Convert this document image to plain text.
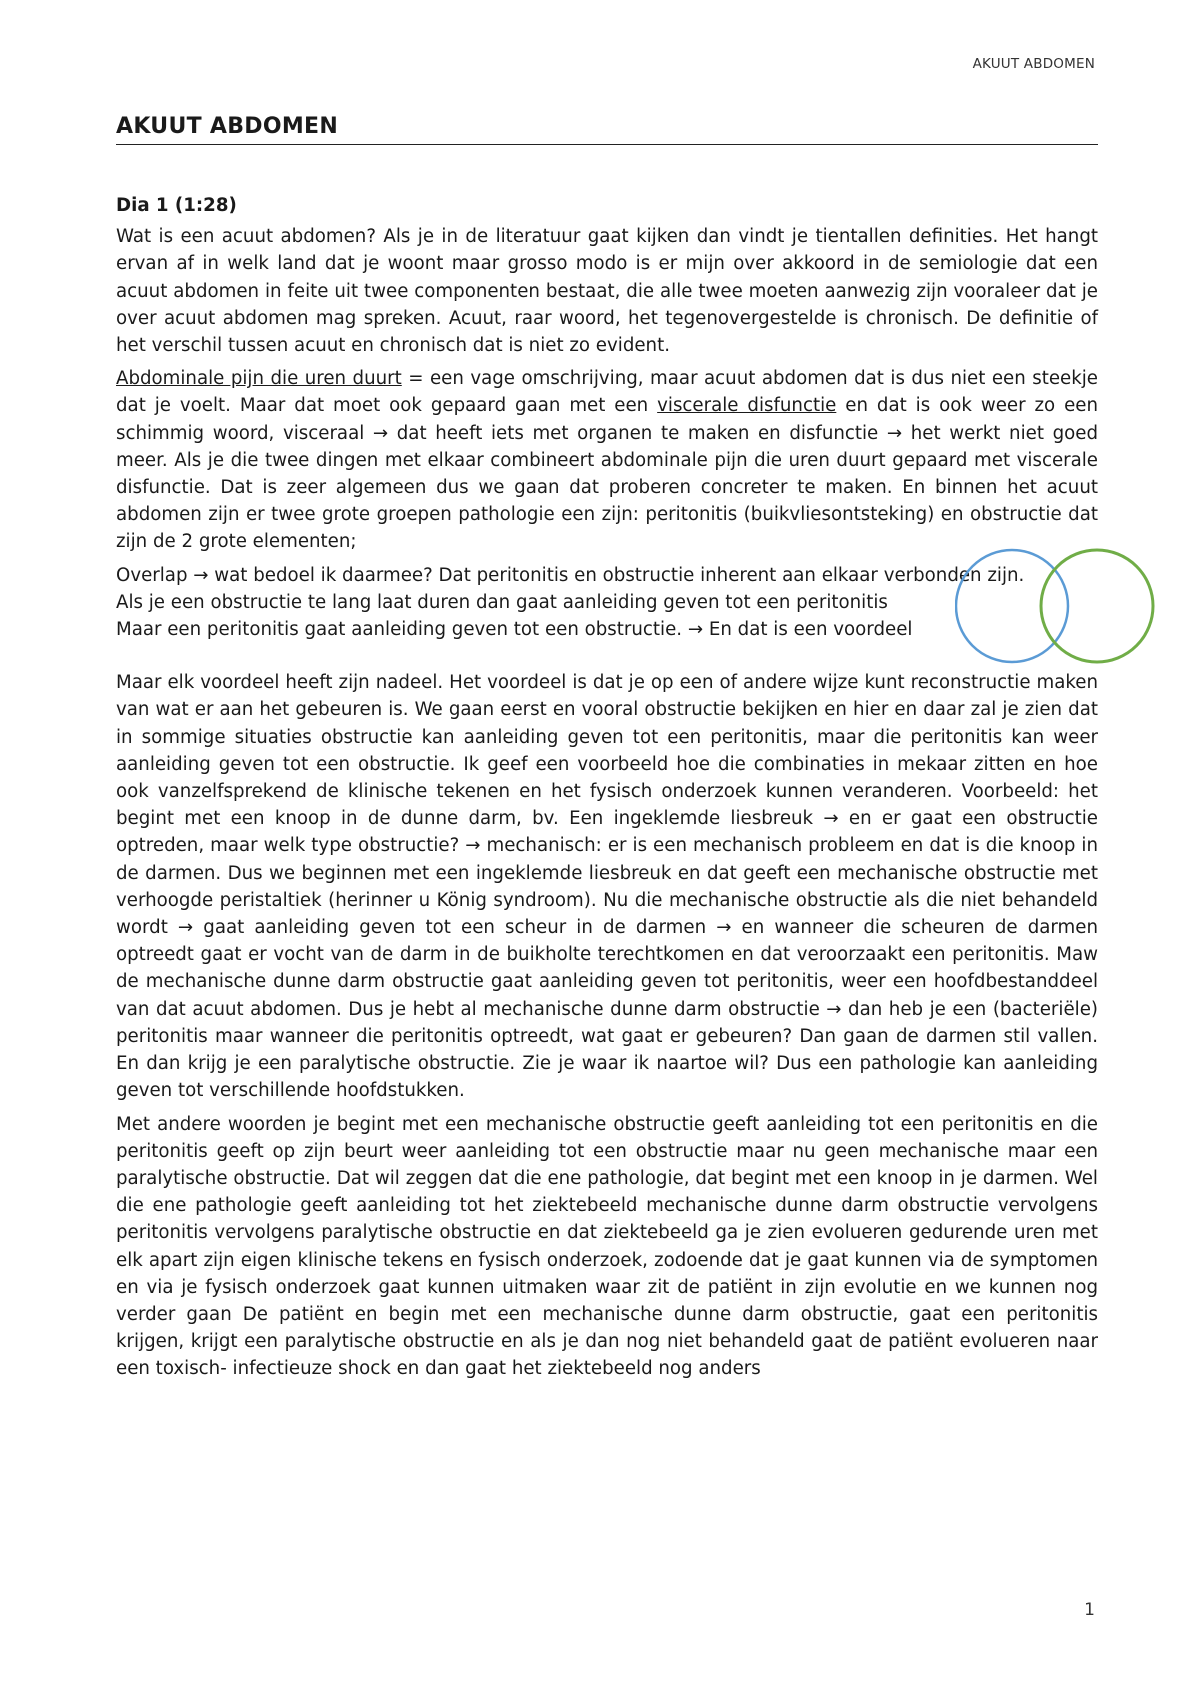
AKUUT ABDOMEN
AKUUT ABDOMEN
Dia 1 (1:28)

Wat is een acuut abdomen? Als je in de literatuur gaat kijken dan vindt je tientallen definities. Het hangt ervan af in welk land dat je woont maar grosso modo is er mijn over akkoord in de semiologie dat een acuut abdomen in feite uit twee componenten bestaat, die alle twee moeten aanwezig zijn vooraleer dat je over acuut abdomen mag spreken. Acuut, raar woord, het tegenovergestelde is chronisch. De definitie of het verschil tussen acuut en chronisch dat is niet zo evident.

Abdominale pijn die uren duurt = een vage omschrijving, maar acuut abdomen dat is dus niet een steekje dat je voelt. Maar dat moet ook gepaard gaan met een viscerale disfunctie en dat is ook weer zo een schimmig woord, visceraal → dat heeft iets met organen te maken en disfunctie → het werkt niet goed meer. Als je die twee dingen met elkaar combineert abdominale pijn die uren duurt gepaard met viscerale disfunctie. Dat is zeer algemeen dus we gaan dat proberen concreter te maken. En binnen het acuut abdomen zijn er twee grote groepen pathologie een zijn: peritonitis (buikvliesontsteking) en obstructie dat zijn de 2 grote elementen;

Overlap → wat bedoel ik daarmee? Dat peritonitis en obstructie inherent aan elkaar verbonden zijn.

Als je een obstructie te lang laat duren dan gaat aanleiding geven tot een peritonitis

Maar een peritonitis gaat aanleiding geven tot een obstructie. → En dat is een voordeel

Maar elk voordeel heeft zijn nadeel. Het voordeel is dat je op een of andere wijze kunt reconstructie maken van wat er aan het gebeuren is. We gaan eerst en vooral obstructie bekijken en hier en daar zal je zien dat in sommige situaties obstructie kan aanleiding geven tot een peritonitis, maar die peritonitis kan weer aanleiding geven tot een obstructie. Ik geef een voorbeeld hoe die combinaties in mekaar zitten en hoe ook vanzelfsprekend de klinische tekenen en het fysisch onderzoek kunnen veranderen. Voorbeeld: het begint met een knoop in de dunne darm, bv. Een ingeklemde liesbreuk → en er gaat een obstructie optreden, maar welk type obstructie? → mechanisch: er is een mechanisch probleem en dat is die knoop in de darmen. Dus we beginnen met een ingeklemde liesbreuk en dat geeft een mechanische obstructie met verhoogde peristaltiek (herinner u König syndroom). Nu die mechanische obstructie als die niet behandeld wordt → gaat aanleiding geven tot een scheur in de darmen → en wanneer die scheuren de darmen optreedt gaat er vocht van de darm in de buikholte terechtkomen en dat veroorzaakt een peritonitis. Maw de mechanische dunne darm obstructie gaat aanleiding geven tot peritonitis, weer een hoofdbestanddeel van dat acuut abdomen. Dus je hebt al mechanische dunne darm obstructie → dan heb je een (bacteriële) peritonitis maar wanneer die peritonitis optreedt, wat gaat er gebeuren? Dan gaan de darmen stil vallen. En dan krijg je een paralytische obstructie. Zie je waar ik naartoe wil? Dus een pathologie kan aanleiding geven tot verschillende hoofdstukken.

Met andere woorden je begint met een mechanische obstructie geeft aanleiding tot een peritonitis en die peritonitis geeft op zijn beurt weer aanleiding tot een obstructie maar nu geen mechanische maar een paralytische obstructie. Dat wil zeggen dat die ene pathologie, dat begint met een knoop in je darmen. Wel die ene pathologie geeft aanleiding tot het ziektebeeld mechanische dunne darm obstructie vervolgens peritonitis vervolgens paralytische obstructie en dat ziektebeeld ga je zien evolueren gedurende uren met elk apart zijn eigen klinische tekens en fysisch onderzoek, zodoende dat je gaat kunnen via de symptomen en via je fysisch onderzoek gaat kunnen uitmaken waar zit de patiënt in zijn evolutie en we kunnen nog verder gaan De patiënt en begin met een mechanische dunne darm obstructie, gaat een peritonitis krijgen, krijgt een paralytische obstructie en als je dan nog niet behandeld gaat de patiënt evolueren naar een toxisch- infectieuze shock en dan gaat het ziektebeeld nog anders

1
